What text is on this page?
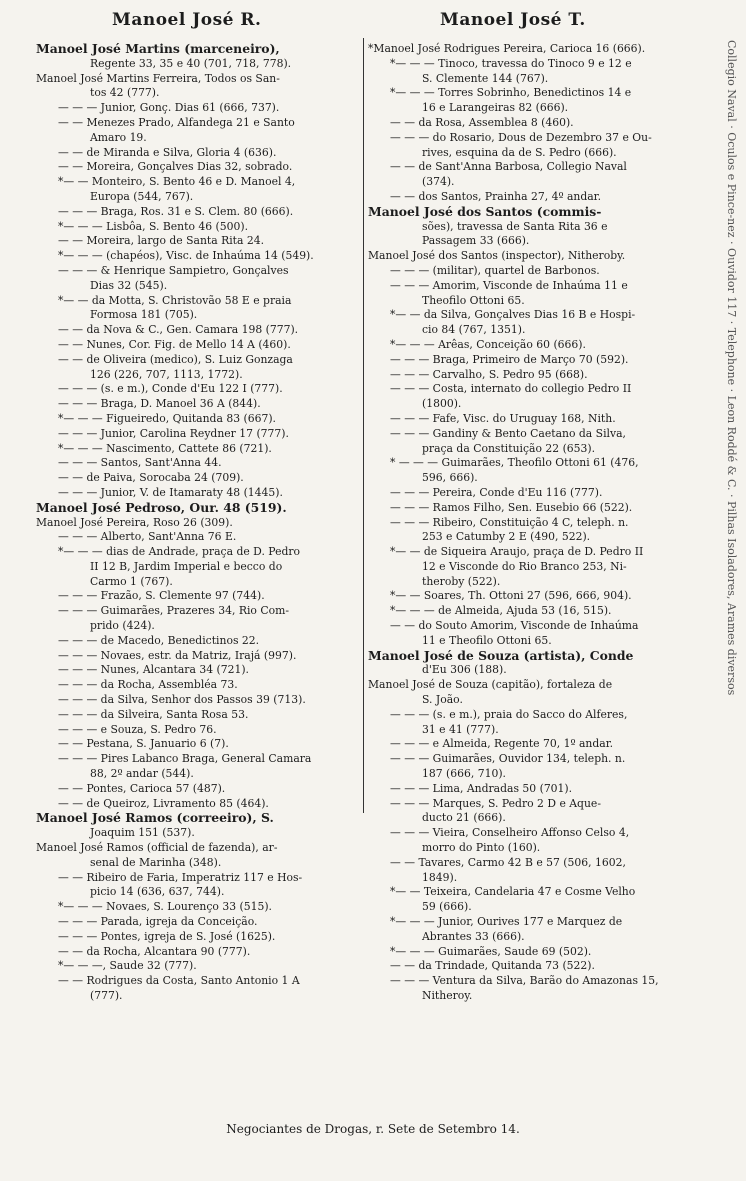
Manoel José R.	Manoel José T.

Manoel José Martins (marceneiro),

Regente 33, 35 e 40 (701, 718, 778).

Manoel José Martins Ferreira, Todos os San-

tos 42 (777).

— — — Junior, Gonç. Dias 61 (666, 737).

— — Menezes Prado, Alfandega 21 e Santo

Amaro 19.

— — de Miranda e Silva, Gloria 4 (636).

— — Moreira, Gonçalves Dias 32, sobrado.

*— — Monteiro, S. Bento 46 e D. Manoel 4,

Europa (544, 767).

— — — Braga, Ros. 31 e S. Clem. 80 (666).

*— — — Lisbôa, S. Bento 46 (500).

— — Moreira, largo de Santa Rita 24.

*— — — (chapéos), Visc. de Inhaúma 14 (549).

— — — & Henrique Sampietro, Gonçalves

Dias 32 (545).

*— — da Motta, S. Christovão 58 E e praia

Formosa 181 (705).

— — da Nova & C., Gen. Camara 198 (777).

— — Nunes, Cor. Fig. de Mello 14 A (460).

— — de Oliveira (medico), S. Luiz Gonzaga

126 (226, 707, 1113, 1772).

— — — (s. e m.), Conde d'Eu 122 I (777).

— — — Braga, D. Manoel 36 A (844).

*— — — Figueiredo, Quitanda 83 (667).

— — — Junior, Carolina Reydner 17 (777).

*— — — Nascimento, Cattete 86 (721).

— — — Santos, Sant'Anna 44.

— — de Paiva, Sorocaba 24 (709).

— — — Junior, V. de Itamaraty 48 (1445).

Manoel José Pedroso, Our. 48 (519).

Manoel José Pereira, Roso 26 (309).

— — — Alberto, Sant'Anna 76 E.

*— — — dias de Andrade, praça de D. Pedro

II 12 B, Jardim Imperial e becco do

Carmo 1 (767).

— — — Frazão, S. Clemente 97 (744).

— — — Guimarães, Prazeres 34, Rio Com-

prido (424).

— — — de Macedo, Benedictinos 22.

— — — Novaes, estr. da Matriz, Irajá (997).

— — — Nunes, Alcantara 34 (721).

— — — da Rocha, Assembléa 73.

— — — da Silva, Senhor dos Passos 39 (713).

— — — da Silveira, Santa Rosa 53.

— — — e Souza, S. Pedro 76.

— — Pestana, S. Januario 6 (7).

— — — Pires Labanco Braga, General Camara

88, 2º andar (544).

— — Pontes, Carioca 57 (487).

— — de Queiroz, Livramento 85 (464).

Manoel José Ramos (correeiro), S.

Joaquim 151 (537).

Manoel José Ramos (official de fazenda), ar-

senal de Marinha (348).

— — Ribeiro de Faria, Imperatriz 117 e Hos-

picio 14 (636, 637, 744).

*— — — Novaes, S. Lourenço 33 (515).

— — — Parada, igreja da Conceição.

— — — Pontes, igreja de S. José (1625).

— — da Rocha, Alcantara 90 (777).

*— — —, Saude 32 (777).

— — Rodrigues da Costa, Santo Antonio 1 A

(777).

*Manoel José Rodrigues Pereira, Carioca 16 (666).

*— — — Tinoco, travessa do Tinoco 9 e 12 e

S. Clemente 144 (767).

*— — — Torres Sobrinho, Benedictinos 14 e

16 e Larangeiras 82 (666).

— — da Rosa, Assemblea 8 (460).

— — — do Rosario, Dous de Dezembro 37 e Ou-

rives, esquina da de S. Pedro (666).

— — de Sant'Anna Barbosa, Collegio Naval

(374).

— — dos Santos, Prainha 27, 4º andar.

Manoel José dos Santos (commis-

sões), travessa de Santa Rita 36 e

Passagem 33 (666).

Manoel José dos Santos (inspector), Nitheroby.

— — — (militar), quartel de Barbonos.

— — — Amorim, Visconde de Inhaúma 11 e

Theofilo Ottoni 65.

*— — da Silva, Gonçalves Dias 16 B e Hospi-

cio 84 (767, 1351).

*— — — Arêas, Conceição 60 (666).

— — — Braga, Primeiro de Março 70 (592).

— — — Carvalho, S. Pedro 95 (668).

— — — Costa, internato do collegio Pedro II

(1800).

— — — Fafe, Visc. do Uruguay 168, Nith.

— — — Gandiny & Bento Caetano da Silva,

praça da Constituição 22 (653).

* — — — Guimarães, Theofilo Ottoni 61 (476,

596, 666).

— — — Pereira, Conde d'Eu 116 (777).

— — — Ramos Filho, Sen. Eusebio 66 (522).

— — — Ribeiro, Constituição 4 C, teleph. n.

253 e Catumby 2 E (490, 522).

*— — de Siqueira Araujo, praça de D. Pedro II

12 e Visconde do Rio Branco 253, Ni-

theroby (522).

*— — Soares, Th. Ottoni 27 (596, 666, 904).

*— — — de Almeida, Ajuda 53 (16, 515).

— — do Souto Amorim, Visconde de Inhaúma

11 e Theofilo Ottoni 65.

Manoel José de Souza (artista), Conde

d'Eu 306 (188).

Manoel José de Souza (capitão), fortaleza de

S. João.

— — — (s. e m.), praia do Sacco do Alferes,

31 e 41 (777).

— — — e Almeida, Regente 70, 1º andar.

— — — Guimarães, Ouvidor 134, teleph. n.

187 (666, 710).

— — — Lima, Andradas 50 (701).

— — — Marques, S. Pedro 2 D e Aque-

ducto 21 (666).

— — — Vieira, Conselheiro Affonso Celso 4,

morro do Pinto (160).

— — Tavares, Carmo 42 B e 57 (506, 1602,

1849).

*— — Teixeira, Candelaria 47 e Cosme Velho

59 (666).

*— — — Junior, Ourives 177 e Marquez de

Abrantes 33 (666).

*— — — Guimarães, Saude 69 (502).

— — da Trindade, Quitanda 73 (522).

— — — Ventura da Silva, Barão do Amazonas 15,

Nitheroy.

Collegio Naval · Oculos e Pince-nez · Ouvidor 117 · Telephone · Leon Roddé & C. · Pilhas Isoladores, Arames diversos
Negociantes de Drogas, r. Sete de Setembro 14.
